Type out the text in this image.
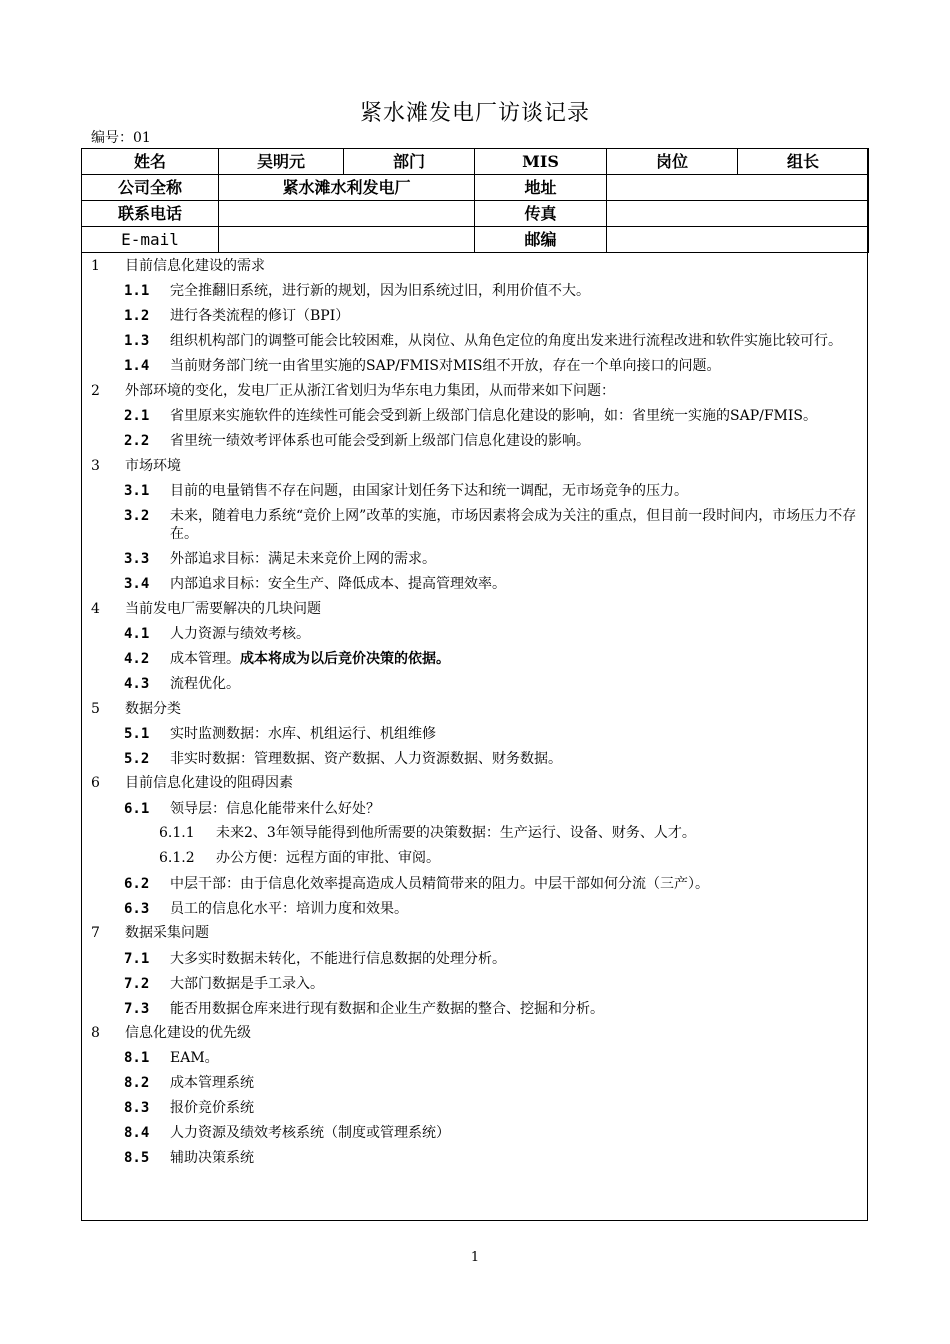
紧水滩发电厂访谈记录
编号：01
姓名	吴明元	部门	MIS	岗位	组长
公司全称	紧水滩水利发电厂		地址		
联系电话			传真		
E-mail			邮编		
1 目前信息化建设的需求
1.1 完全推翻旧系统，进行新的规划，因为旧系统过旧，利用价值不大。
1.2 进行各类流程的修订（BPI）
1.3 组织机构部门的调整可能会比较困难，从岗位、从角色定位的角度出发来进行流程改进和软件实施比较可行。
1.4 当前财务部门统一由省里实施的SAP/FMIS对MIS组不开放，存在一个单向接口的问题。
2 外部环境的变化，发电厂正从浙江省划归为华东电力集团，从而带来如下问题：
2.1 省里原来实施软件的连续性可能会受到新上级部门信息化建设的影响，如：省里统一实施的SAP/FMIS。
2.2 省里统一绩效考评体系也可能会受到新上级部门信息化建设的影响。
3 市场环境
3.1 目前的电量销售不存在问题，由国家计划任务下达和统一调配，无市场竞争的压力。
3.2 未来，随着电力系统“竞价上网”改革的实施，市场因素将会成为关注的重点，但目前一段时间内，市场压力不存在。
3.3 外部追求目标：满足未来竞价上网的需求。
3.4 内部追求目标：安全生产、降低成本、提高管理效率。
4 当前发电厂需要解决的几块问题
4.1 人力资源与绩效考核。
4.2 成本管理。成本将成为以后竞价决策的依据。
4.3 流程优化。
5 数据分类
5.1 实时监测数据：水库、机组运行、机组维修
5.2 非实时数据：管理数据、资产数据、人力资源数据、财务数据。
6 目前信息化建设的阻碍因素
6.1 领导层：信息化能带来什么好处？
6.1.1 未来2、3年领导能得到他所需要的决策数据：生产运行、设备、财务、人才。
6.1.2 办公方便：远程方面的审批、审阅。
6.2 中层干部：由于信息化效率提高造成人员精简带来的阻力。中层干部如何分流（三产）。
6.3 员工的信息化水平：培训力度和效果。
7 数据采集问题
7.1 大多实时数据未转化，不能进行信息数据的处理分析。
7.2 大部门数据是手工录入。
7.3 能否用数据仓库来进行现有数据和企业生产数据的整合、挖掘和分析。
8 信息化建设的优先级
8.1 EAM。
8.2 成本管理系统
8.3 报价竞价系统
8.4 人力资源及绩效考核系统（制度或管理系统）
8.5 辅助决策系统
1
